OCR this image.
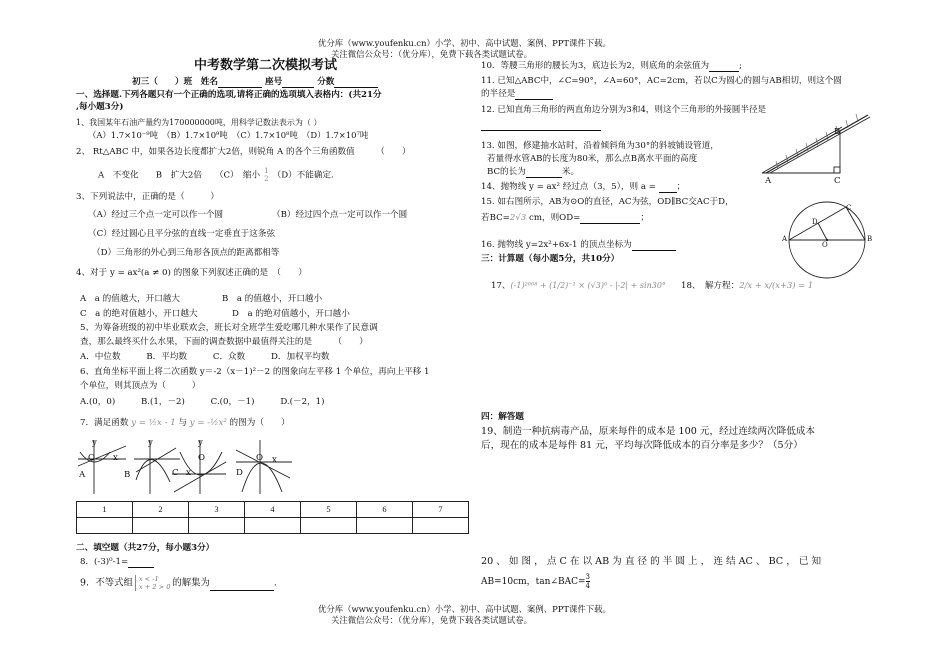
优分库（www.youfenku.cn）小学、初中、高中试题、案例、PPT课件下载。
关注微信公众号：（优分库），免费下载各类试题试卷。
优分库（www.youfenku.cn）小学、初中、高中试题、案例、PPT课件下载。
关注微信公众号：（优分库），免费下载各类试题试卷。
中考数学第二次模拟考试
初三（　　）班　 姓名	座号	分数
一、选择题.下列各题只有一个正确的选项,请将正确的选项填入表格内：(共21分
,每小题3分)
1、我国某年石油产量约为170000000吨，用科学记数法表示为（ ）
（A）1.7×10⁻⁹吨　 （B）1.7×10⁹吨　 （C）1.7×10⁸吨　 （D）1.7×10⁷吨
2、 Rt△ABC 中，如果各边长度都扩大2倍，则锐角 A 的各个三角函数值　　　（　　）
A　不变化　　 B　扩大2倍　　 （C）　缩小 1
2 （D）不能确定.
3、下列说法中，正确的是（　　　）
（A）经过三个点一定可以作一个圆	（B）经过四个点一定可以作一个圆
（C）经过圆心且平分弦的直线一定垂直于这条弦
（D）三角形的外心到三角形各顶点的距离都相等
4、对于 y = ax²(a ≠ 0) 的图象下列叙述正确的是　（　　）
A　a 的值越大，开口越大	B　a 的值越小，开口越小
C　a 的绝对值越小，开口越大	D　a 的绝对值越小，开口越小
5、为筹备班级的初中毕业联欢会，班长对全班学生爱吃哪几种水果作了民意调
查，那么最终买什么水果，下面的调查数据中最值得关注的是　　　（　　）
A．中位数　　　	B．平均数　　　	C．众数　　　	D．加权平均数
6、直角坐标平面上将二次函数 y＝-2（x－1)²－2 的图象向左平移 1 个单位，再向上平移 1
个单位，则其顶点为（　　　）
A.(0，0)　　　	B.(1，－2)　　　	C.(0，－1)　　　	D.(－2，1)
7．满足函数 y = ½x - 1 与 y = -½x² 的图为（　　）
y	y	y
O x	O	O x
A	B	C x	D
1	2	3	4	5	6	7

二、填空题（共27分，每小题3分）
8．(-3)⁰-1=
9．不等式组 x < -1
x + 2 > 0 的解集为	.
10．等腰三角形的腰长为3，底边长为2，则底角的余弦值为	;
11. 已知△ABC中，∠C=90°，∠A=60°，AC=2cm，若以C为圆心的圆与AB相切，则这个圆
的半径是
12. 已知直角三角形的两直角边分别为3和4，则这个三角形的外接圆半径是
13. 如图，修建抽水站时，沿着倾斜角为30°的斜坡铺设管道，
若量得水管AB的长度为80米，那么点B离水平面的高度
BC的长为	米。
A
B
C
14、抛物线 y = ax² 经过点（3，5），则 a = ；
15. 如右图所示，AB为⊙O的直径，AC为弦，OD∥BC交AC于D，
若BC=2√3 cm，则OD=	；
A	B
C
D
O
16. 抛物线 y=2x²+6x-1 的顶点坐标为
三：计算题（每小题5分，共10分）
17、(-1)²⁰⁰⁸ + (1/2)⁻¹ × (√3)⁰ - |-2| + sin30° 18、　解方程：2/x + x/(x+3) = 1
四：解答题
19、制造一种抗病毒产品，原来每件的成本是 100 元，经过连续两次降低成本
后，现在的成本是每件 81 元，平均每次降低成本的百分率是多少？（5分）
20 、 如 图 ， 点 C 在 以 AB 为 直 径 的 半 圆 上 ， 连 结 AC 、 BC ， 已 知
AB=10cm，tan∠BAC= $\frac{3}{4}$
